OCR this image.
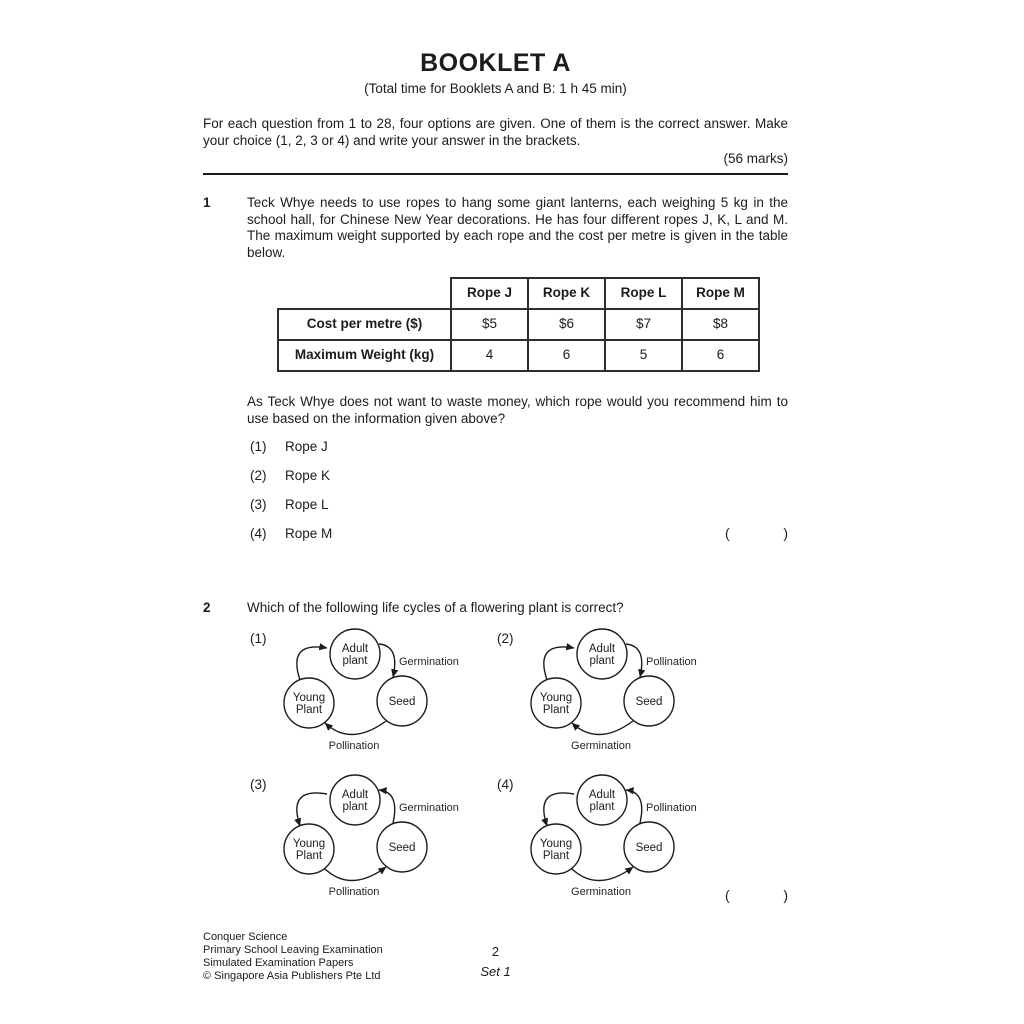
BOOKLET A
(Total time for Booklets A and B: 1 h 45 min)

For each question from 1 to 28, four options are given. One of them is the correct answer. Make your choice (1, 2, 3 or 4) and write your answer in the brackets.

(56 marks)
1	Teck Whye needs to use ropes to hang some giant lanterns, each weighing 5 kg in the school hall, for Chinese New Year decorations. He has four different ropes J, K, L and M. The maximum weight supported by each rope and the cost per metre is given in the table below.

	Rope J	Rope K	Rope L	Rope M
Cost per metre ($)	$5	$6	$7	$8
Maximum Weight (kg)	4	6	5	6

As Teck Whye does not want to waste money, which rope would you recommend him to use based on the information given above?

(1)	Rope J
(2)	Rope K
(3)	Rope L
(4)	Rope M	(	)
2	Which of the following life cycles of a flowering plant is correct?

(1)
Germination
Pollination
Adult
plant
Young
Plant
Seed
(2)
Pollination
Germination
Adult
plant
Young
Plant
Seed
(3)
Pollination
Germination
Adult
plant
Young
Plant
Seed
(4)
Germination
Pollination
Adult
plant
Young
Plant
Seed
(	)
Conquer Science
Primary School Leaving Examination
Simulated Examination Papers
© Singapore Asia Publishers Pte Ltd
2
Set 1
